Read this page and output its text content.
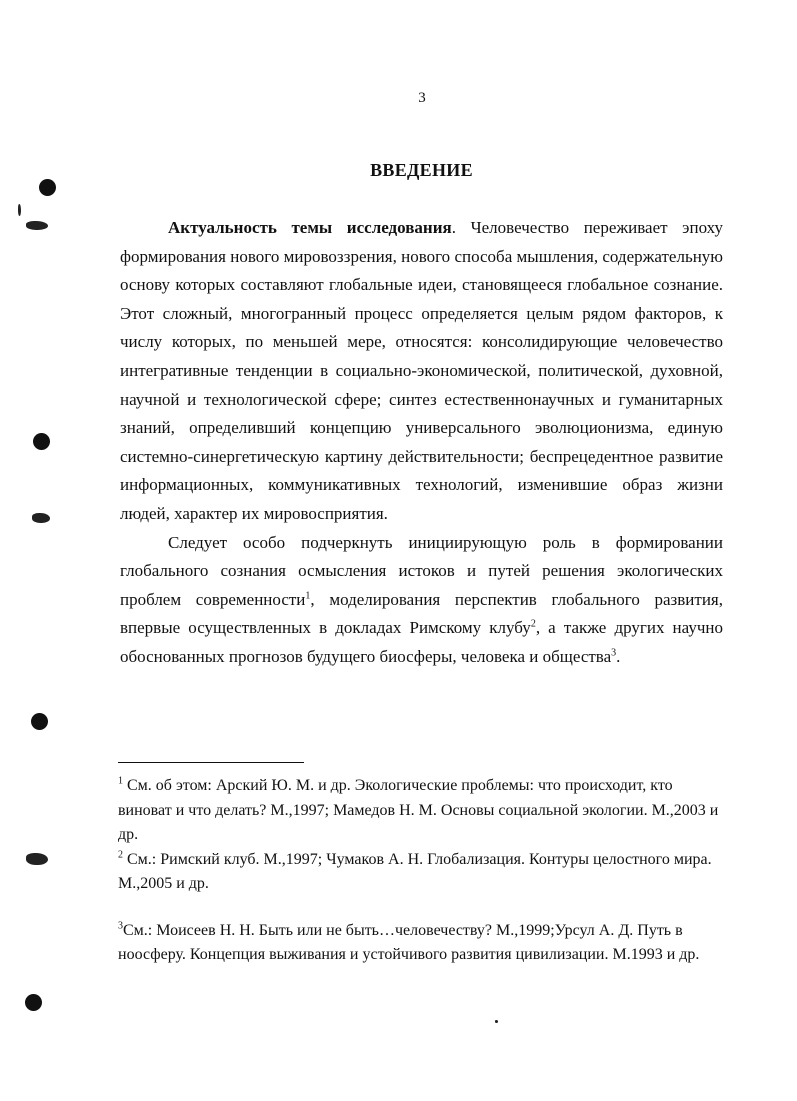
3
ВВЕДЕНИЕ

Актуальность темы исследования. Человечество переживает эпоху формирования нового мировоззрения, нового способа мышления, содержательную основу которых составляют глобальные идеи, становящееся глобальное сознание. Этот сложный, многогранный процесс определяется целым рядом факторов, к числу которых, по меньшей мере, относятся: консолидирующие человечество интегративные тенденции в социально-экономической, политической, духовной, научной и технологической сфере; синтез естественнонаучных и гуманитарных знаний, определивший концепцию универсального эволюционизма, единую системно-синергетическую картину действительности; беспрецедентное развитие информационных, коммуникативных технологий, изменившие образ жизни людей, характер их мировосприятия.

Следует особо подчеркнуть инициирующую роль в формировании глобального сознания осмысления истоков и путей решения экологических проблем современности$^1$, моделирования перспектив глобального развития, впервые осуществленных в докладах Римскому клубу$^2$, а также других научно обоснованных прогнозов будущего биосферы, человека и общества$^3$.

$^1$ См. об этом: Арский Ю. М. и др. Экологические проблемы: что происходит, кто виноват и что делать? М.,1997; Мамедов Н. М. Основы социальной экологии. М.,2003 и др.

$^2$ См.: Римский клуб. М.,1997; Чумаков А. Н. Глобализация. Контуры целостного мира. М.,2005 и др.

$^3$См.: Моисеев Н. Н. Быть или не быть…человечеству? М.,1999;Урсул А. Д. Путь в ноосферу. Концепция выживания и устойчивого развития цивилизации. М.1993 и др.
